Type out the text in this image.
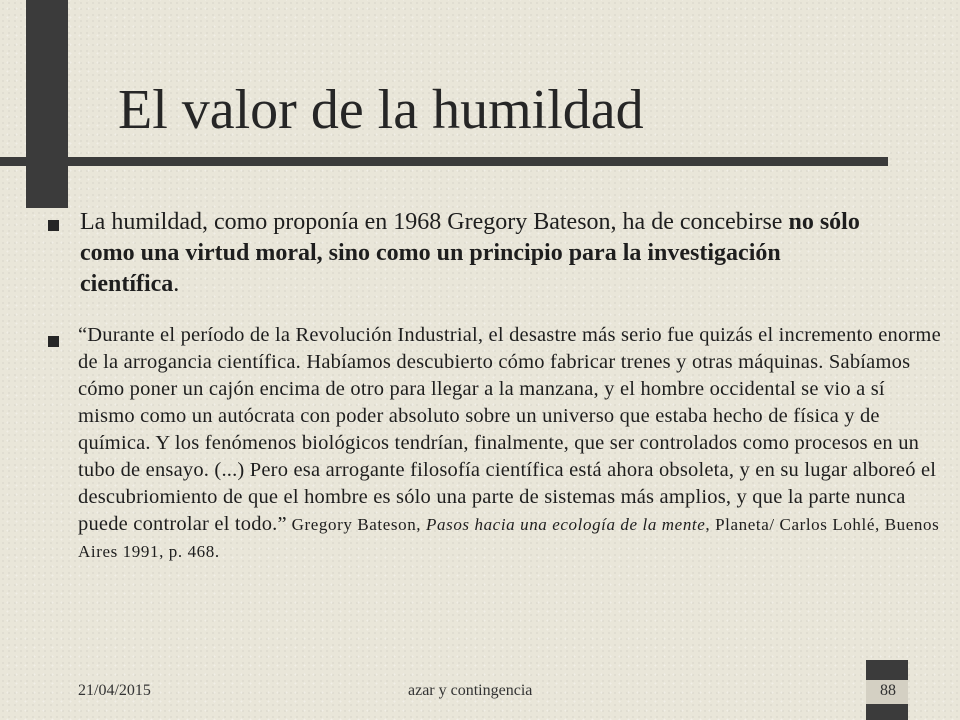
El valor de la humildad

La humildad, como proponía en 1968 Gregory Bateson, ha de concebirse no sólo como una virtud moral, sino como un principio para la investigación científica.

“Durante el período de la Revolución Industrial, el desastre más serio fue quizás el incremento enorme de la arrogancia científica. Habíamos descubierto cómo fabricar trenes y otras máquinas. Sabíamos cómo poner un cajón encima de otro para llegar a la manzana, y el hombre occidental se vio a sí mismo como un autócrata con poder absoluto sobre un universo que estaba hecho de física y de química. Y los fenómenos biológicos tendrían, finalmente, que ser controlados como procesos en un tubo de ensayo. (...) Pero esa arrogante filosofía científica está ahora obsoleta, y en su lugar alboreó el descubriomiento de que el hombre es sólo una parte de sistemas más amplios, y que la parte nunca puede controlar el todo.” Gregory Bateson, Pasos hacia una ecología de la mente, Planeta/ Carlos Lohlé, Buenos Aires 1991, p. 468.

21/04/2015	azar y contingencia	88
